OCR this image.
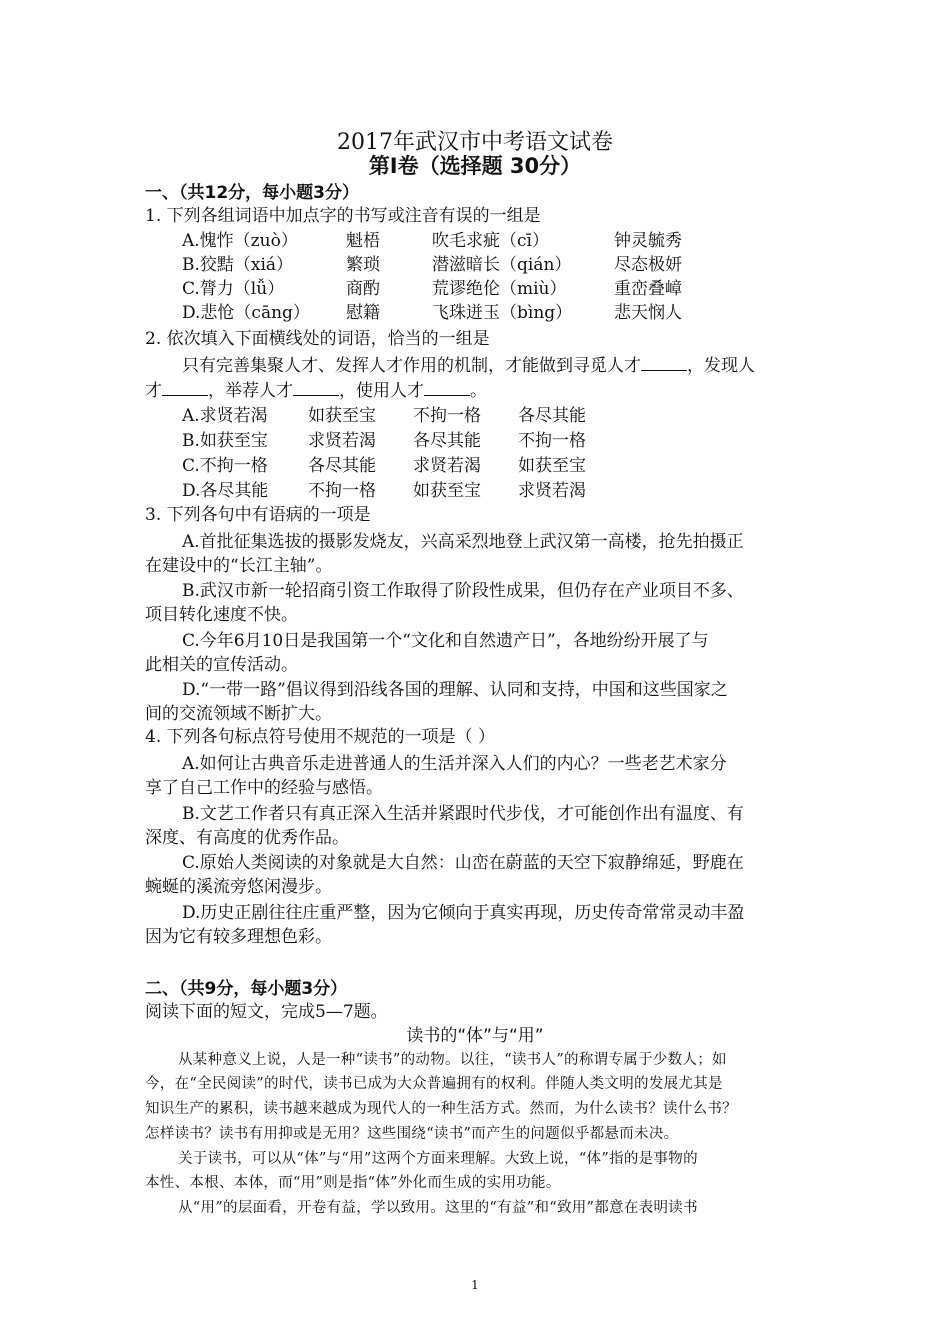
2017年武汉市中考语文试卷
第Ⅰ卷（选择题 30分）
一、（共12分，每小题3分）
1. 下列各组词语中加点字的书写或注音有误的一组是
A.愧怍（zuò）	魁梧	吹毛求疵（cī）	钟灵毓秀
B.狡黠（xiá）	繁琐	潜滋暗长（qián）	尽态极妍
C.膂力（lǚ）	商酌	荒谬绝伦（miù）	重峦叠嶂
D.悲怆（cāng） 慰籍	飞珠迸玉（bìng） 悲天悯人
2. 依次填入下面横线处的词语，恰当的一组是
只有完善集聚人才、发挥人才作用的机制，才能做到寻觅人才	，发现人
才	，举荐人才	，使用人才	。
A.求贤若渴 如获至宝 不拘一格 各尽其能
B.如获至宝 求贤若渴 各尽其能 不拘一格
C.不拘一格 各尽其能 求贤若渴 如获至宝
D.各尽其能 不拘一格 如获至宝 求贤若渴
3. 下列各句中有语病的一项是
A.首批征集选拔的摄影发烧友，兴高采烈地登上武汉第一高楼，抢先拍摄正
在建设中的“长江主轴”。
B.武汉市新一轮招商引资工作取得了阶段性成果，但仍存在产业项目不多、
项目转化速度不快。
C.今年6月10日是我国第一个“文化和自然遗产日”，各地纷纷开展了与
此相关的宣传活动。
D.“一带一路”倡议得到沿线各国的理解、认同和支持，中国和这些国家之
间的交流领域不断扩大。
4. 下列各句标点符号使用不规范的一项是（ ）
A.如何让古典音乐走进普通人的生活并深入人们的内心？一些老艺术家分
享了自己工作中的经验与感悟。
B.文艺工作者只有真正深入生活并紧跟时代步伐，才可能创作出有温度、有
深度、有高度的优秀作品。
C.原始人类阅读的对象就是大自然：山峦在蔚蓝的天空下寂静绵延，野鹿在
蜿蜒的溪流旁悠闲漫步。
D.历史正剧往往庄重严整，因为它倾向于真实再现，历史传奇常常灵动丰盈
因为它有较多理想色彩。
二、（共9分，每小题3分）
阅读下面的短文，完成5—7题。
读书的“体”与“用”
从某种意义上说，人是一种“读书”的动物。以往，“读书人”的称谓专属于少数人；如
今，在“全民阅读”的时代，读书已成为大众普遍拥有的权利。伴随人类文明的发展尤其是
知识生产的累积，读书越来越成为现代人的一种生活方式。然而，为什么读书？读什么书？
怎样读书？读书有用抑或是无用？这些围绕“读书”而产生的问题似乎都悬而未决。
关于读书，可以从“体”与“用”这两个方面来理解。大致上说，“体”指的是事物的
本性、本根、本体，而“用”则是指“体”外化而生成的实用功能。
从“用”的层面看，开卷有益，学以致用。这里的“有益”和“致用”都意在表明读书
1
